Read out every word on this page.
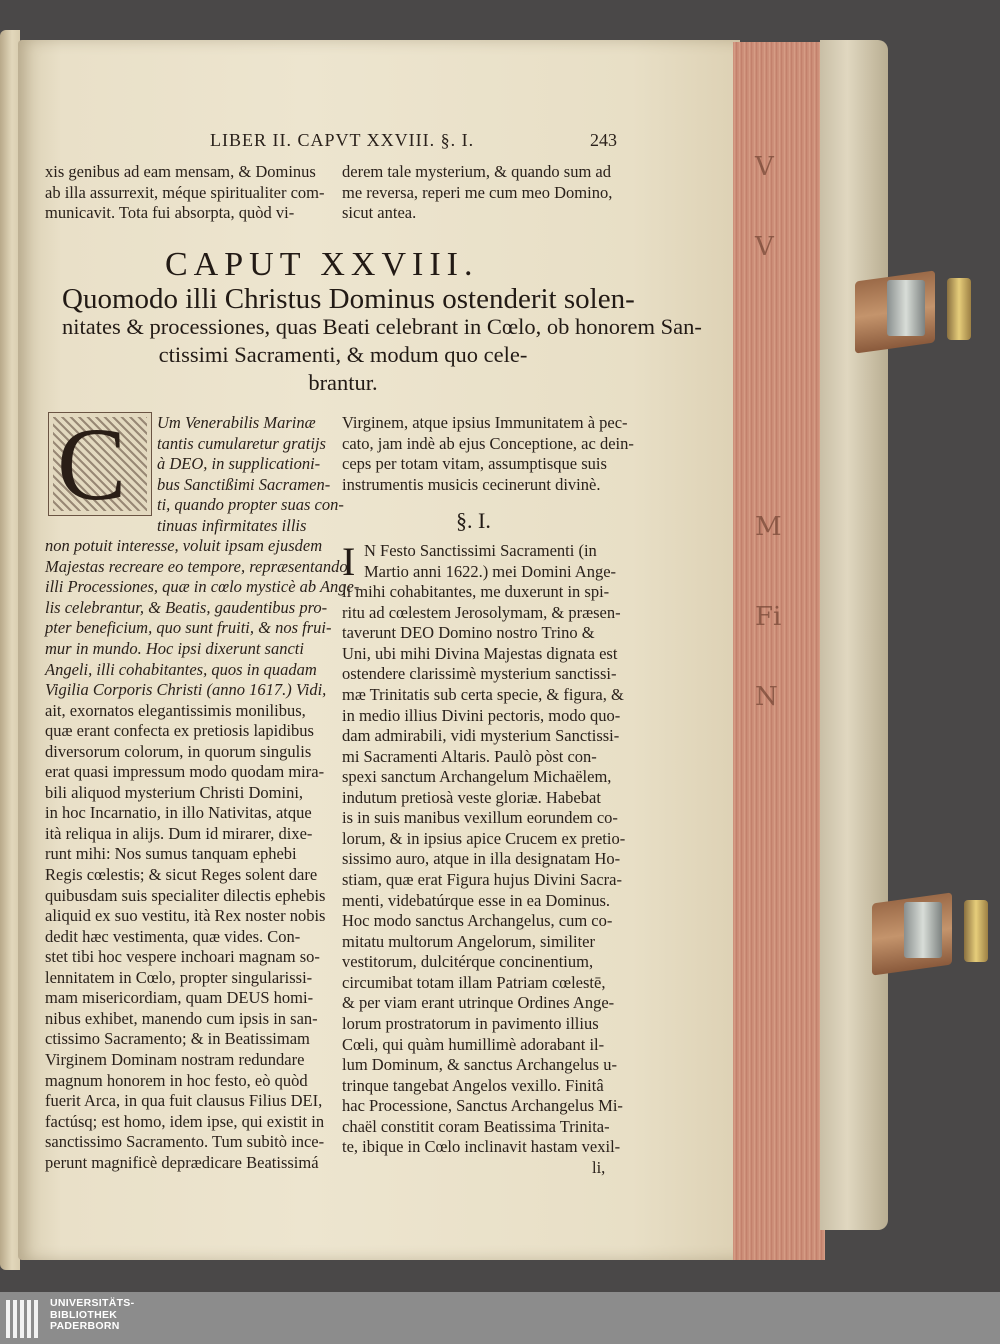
V
V
M
Fi
N
LIBER II. CAPVT XXVIII. §. I.	243
xis genibus ad eam mensam, & Dominus
ab illa assurrexit, méque spiritualiter com-
municavit. Tota fui absorpta, quòd vi-
derem tale mysterium, & quando sum ad
me reversa, reperi me cum meo Domino,
sicut antea.
CAPUT XXVIII.
Quomodo illi Christus Dominus ostenderit solen-
nitates & processiones, quas Beati celebrant in Cœlo, ob honorem San-
ctissimi Sacramenti, & modum quo cele-
brantur.
C	Um Venerabilis Marinæ
tantis cumularetur gratijs
à DEO, in supplicationi-
bus Sanctißimi Sacramen-
ti, quando propter suas con-
tinuas infirmitates illis
non potuit interesse, voluit ipsam ejusdem
Majestas recreare eo tempore, repræsentando
illi Processiones, quæ in cœlo mysticè ab Ange-
lis celebrantur, & Beatis, gaudentibus pro-
pter beneficium, quo sunt fruiti, & nos frui-
mur in mundo. Hoc ipsi dixerunt sancti
Angeli, illi cohabitantes, quos in quadam
Vigilia Corporis Christi (anno 1617.) Vidi,
ait, exornatos elegantissimis monilibus,
quæ erant confecta ex pretiosis lapidibus
diversorum colorum, in quorum singulis
erat quasi impressum modo quodam mira-
bili aliquod mysterium Christi Domini,
in hoc Incarnatio, in illo Nativitas, atque
ità reliqua in alijs. Dum id mirarer, dixe-
runt mihi: Nos sumus tanquam ephebi
Regis cœlestis; & sicut Reges solent dare
quibusdam suis specialiter dilectis ephebis
aliquid ex suo vestitu, ità Rex noster nobis
dedit hæc vestimenta, quæ vides. Con-
stet tibi hoc vespere inchoari magnam so-
lennitatem in Cœlo, propter singularissi-
mam misericordiam, quam DEUS homi-
nibus exhibet, manendo cum ipsis in san-
ctissimo Sacramento; & in Beatissimam
Virginem Dominam nostram redundare
magnum honorem in hoc festo, eò quòd
fuerit Arca, in qua fuit clausus Filius DEI,
factúsq; est homo, idem ipse, qui existit in
sanctissimo Sacramento. Tum subitò ince-
perunt magnificè deprædicare Beatissimá
Virginem, atque ipsius Immunitatem à pec-
cato, jam indè ab ejus Conceptione, ac dein-
ceps per totam vitam, assumptisque suis
instrumentis musicis cecinerunt divinè.
§. I.
I N Festo Sanctissimi Sacramenti (in
Martio anni 1622.) mei Domini Ange-
li mihi cohabitantes, me duxerunt in spi-
ritu ad cœlestem Jerosolymam, & præsen-
taverunt DEO Domino nostro Trino &
Uni, ubi mihi Divina Majestas dignata est
ostendere clarissimè mysterium sanctissi-
mæ Trinitatis sub certa specie, & figura, &
in medio illius Divini pectoris, modo quo-
dam admirabili, vidi mysterium Sanctissi-
mi Sacramenti Altaris. Paulò pòst con-
spexi sanctum Archangelum Michaëlem,
indutum pretiosà veste gloriæ. Habebat
is in suis manibus vexillum eorundem co-
lorum, & in ipsius apice Crucem ex pretio-
sissimo auro, atque in illa designatam Ho-
stiam, quæ erat Figura hujus Divini Sacra-
menti, videbatúrque esse in ea Dominus.
Hoc modo sanctus Archangelus, cum co-
mitatu multorum Angelorum, similiter
vestitorum, dulcitérque concinentium,
circumibat totam illam Patriam cœlestē,
& per viam erant utrinque Ordines Ange-
lorum prostratorum in pavimento illius
Cœli, qui quàm humillimè adorabant il-
lum Dominum, & sanctus Archangelus u-
trinque tangebat Angelos vexillo. Finitâ
hac Processione, Sanctus Archangelus Mi-
chaël constitit coram Beatissima Trinita-
te, ibique in Cœlo inclinavit hastam vexil-
li,
UNIVERSITÄTS-
BIBLIOTHEK
PADERBORN
